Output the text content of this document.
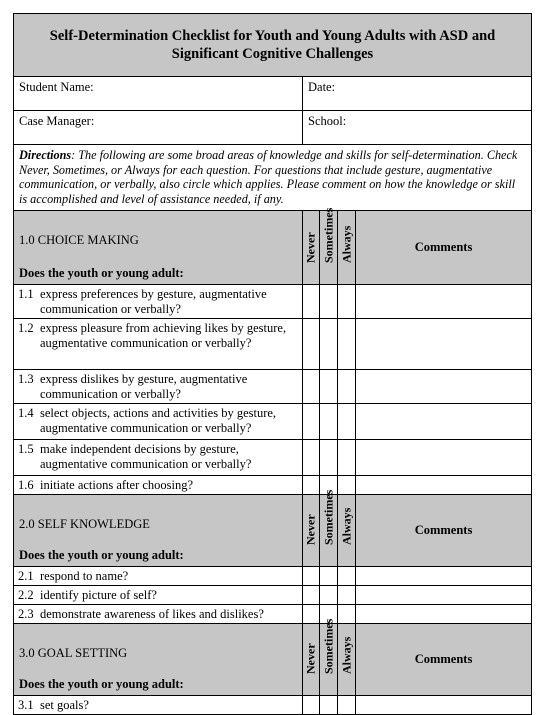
Self-Determination Checklist for Youth and Young Adults with ASD and
Significant Cognitive Challenges				

Student Name:	Date:			
Case Manager:	School:			
Directions: The following are some broad areas of knowledge and skills for self-determination. Check Never, Sometimes, or Always for each question. For questions that include gesture, augmentative communication, or verbally, also circle which applies. Please comment on how the knowledge or skill is accomplished and level of assistance needed, if any.				

1.0 CHOICE MAKING
Does the youth or young adult:	Never	Sometimes	Always	Comments
1.1 express preferences by gesture, augmentative communication or verbally?				
1.2 express pleasure from achieving likes by gesture, augmentative communication or verbally?				
1.3 express dislikes by gesture, augmentative communication or verbally?				
1.4 select objects, actions and activities by gesture, augmentative communication or verbally?				
1.5 make independent decisions by gesture, augmentative communication or verbally?				
1.6 initiate actions after choosing?				

2.0 SELF KNOWLEDGE
Does the youth or young adult:	Never	Sometimes	Always	Comments
2.1 respond to name?				
2.2 identify picture of self?				
2.3 demonstrate awareness of likes and dislikes?				

3.0 GOAL SETTING
Does the youth or young adult:	Never	Sometimes	Always	Comments
3.1 set goals?				
